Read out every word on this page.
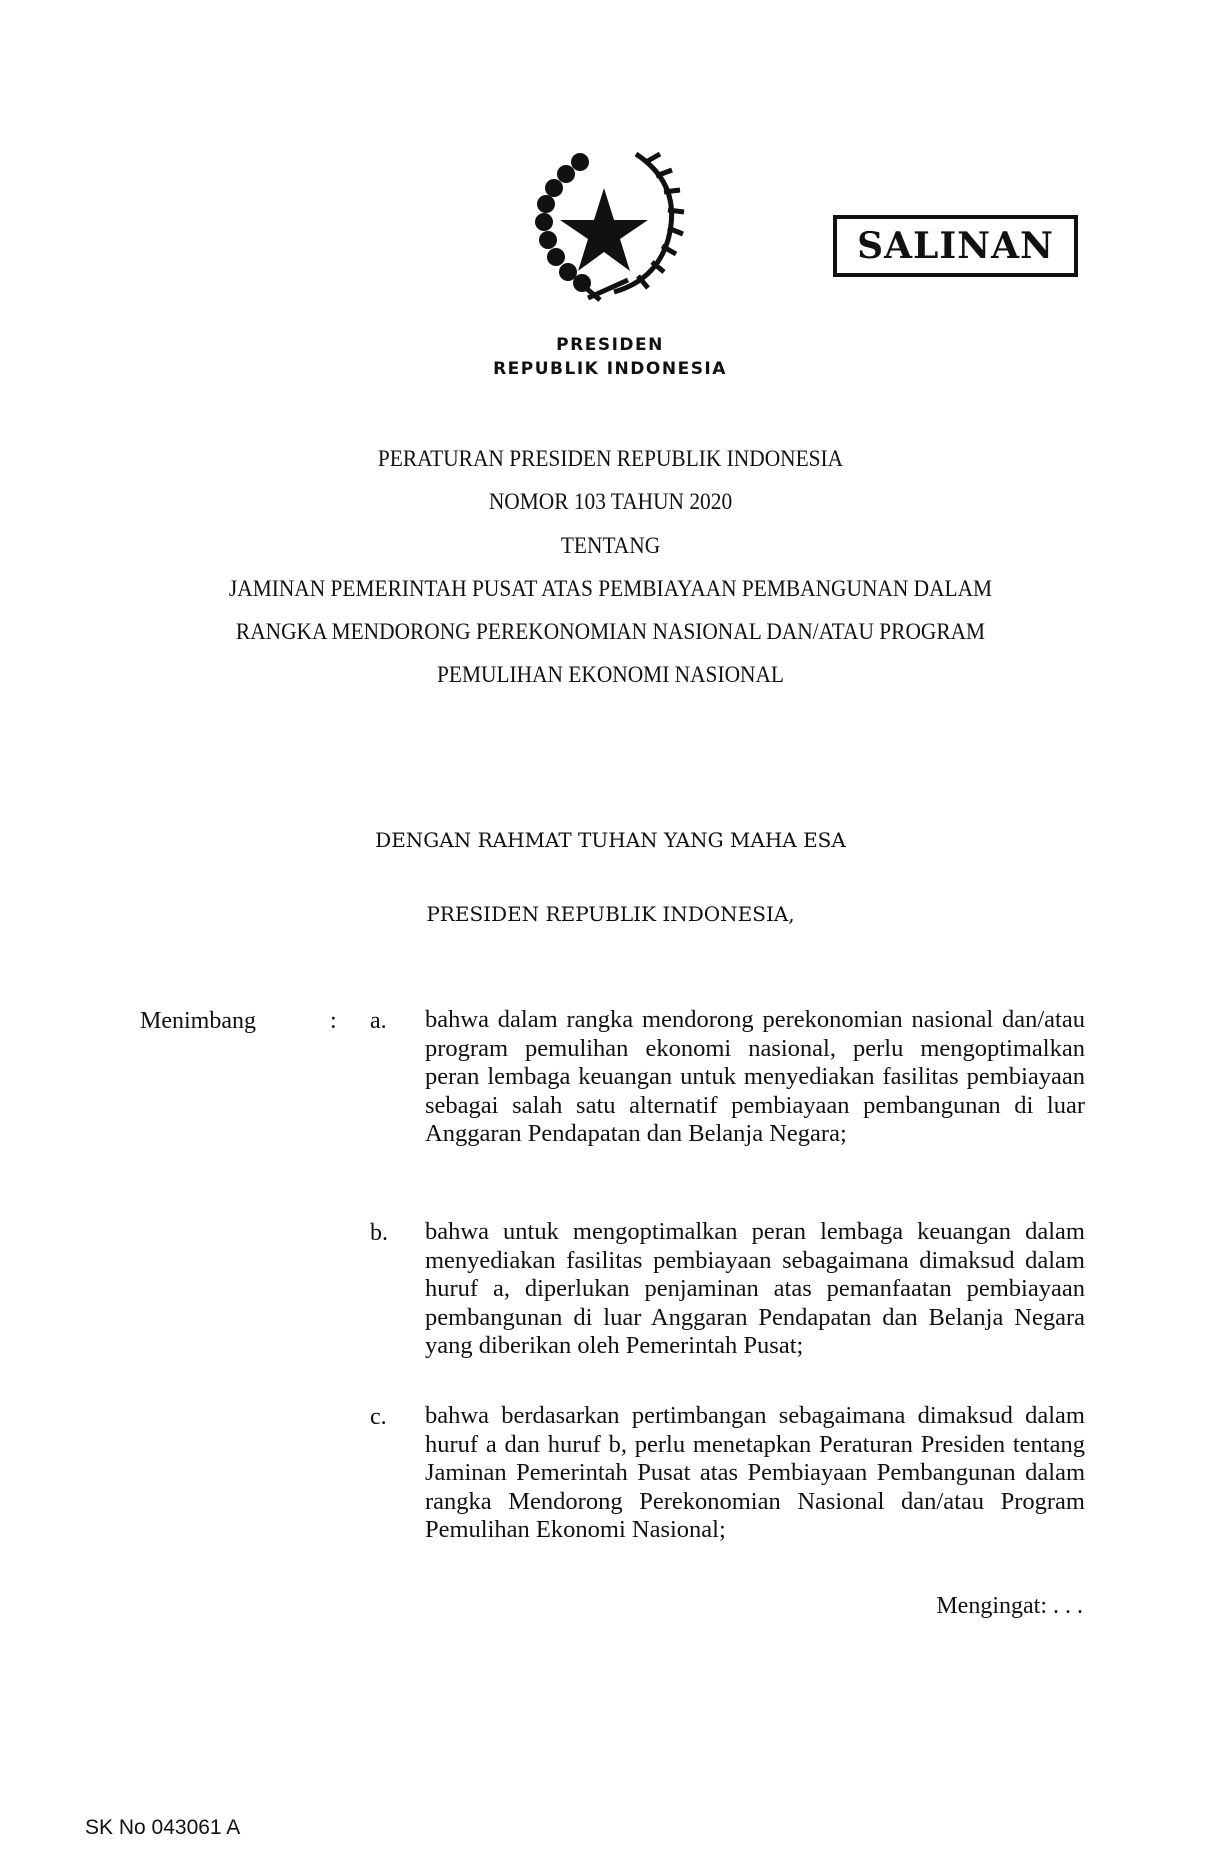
SALINAN
PRESIDEN
REPUBLIK INDONESIA
PERATURAN PRESIDEN REPUBLIK INDONESIA
NOMOR 103 TAHUN 2020
TENTANG
JAMINAN PEMERINTAH PUSAT ATAS PEMBIAYAAN PEMBANGUNAN DALAM
RANGKA MENDORONG PEREKONOMIAN NASIONAL DAN/ATAU PROGRAM
PEMULIHAN EKONOMI NASIONAL
DENGAN RAHMAT TUHAN YANG MAHA ESA
PRESIDEN REPUBLIK INDONESIA,
Menimbang	: a. bahwa dalam rangka mendorong perekonomian nasional dan/atau program pemulihan ekonomi nasional, perlu mengoptimalkan peran lembaga keuangan untuk menyediakan fasilitas pembiayaan sebagai salah satu alternatif pembiayaan pembangunan di luar Anggaran Pendapatan dan Belanja Negara;
b. bahwa untuk mengoptimalkan peran lembaga keuangan dalam menyediakan fasilitas pembiayaan sebagaimana dimaksud dalam huruf a, diperlukan penjaminan atas pemanfaatan pembiayaan pembangunan di luar Anggaran Pendapatan dan Belanja Negara yang diberikan oleh Pemerintah Pusat;
c. bahwa berdasarkan pertimbangan sebagaimana dimaksud dalam huruf a dan huruf b, perlu menetapkan Peraturan Presiden tentang Jaminan Pemerintah Pusat atas Pembiayaan Pembangunan dalam rangka Mendorong Perekonomian Nasional dan/atau Program Pemulihan Ekonomi Nasional;
Mengingat: . . .
SK No 043061 A
